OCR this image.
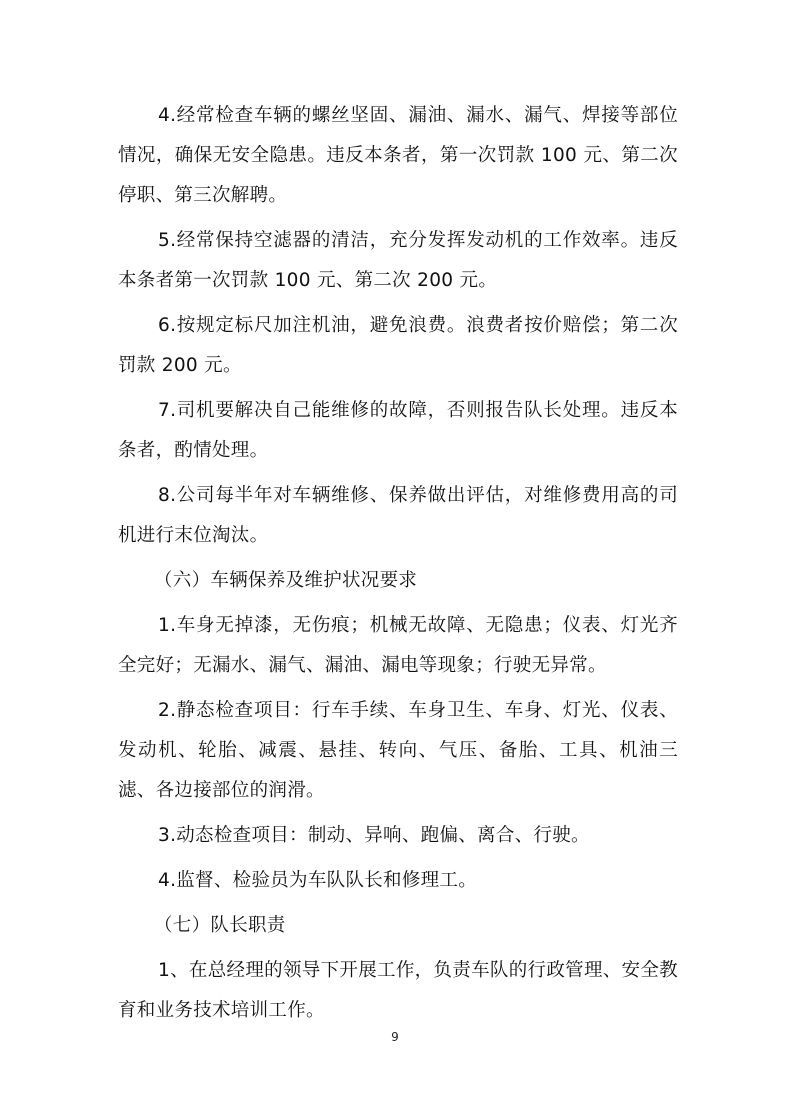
4.经常检查车辆的螺丝坚固、漏油、漏水、漏气、焊接等部位情况，确保无安全隐患。违反本条者，第一次罚款 100 元、第二次停职、第三次解聘。

5.经常保持空滤器的清洁，充分发挥发动机的工作效率。违反本条者第一次罚款 100 元、第二次 200 元。

6.按规定标尺加注机油，避免浪费。浪费者按价赔偿；第二次罚款 200 元。

7.司机要解决自己能维修的故障，否则报告队长处理。违反本条者，酌情处理。

8.公司每半年对车辆维修、保养做出评估，对维修费用高的司机进行末位淘汰。

（六）车辆保养及维护状况要求

1.车身无掉漆，无伤痕；机械无故障、无隐患；仪表、灯光齐全完好；无漏水、漏气、漏油、漏电等现象；行驶无异常。

2.静态检查项目：行车手续、车身卫生、车身、灯光、仪表、发动机、轮胎、减震、悬挂、转向、气压、备胎、工具、机油三滤、各边接部位的润滑。

3.动态检查项目：制动、异响、跑偏、离合、行驶。

4.监督、检验员为车队队长和修理工。

（七）队长职责

1、在总经理的领导下开展工作，负责车队的行政管理、安全教育和业务技术培训工作。

9
